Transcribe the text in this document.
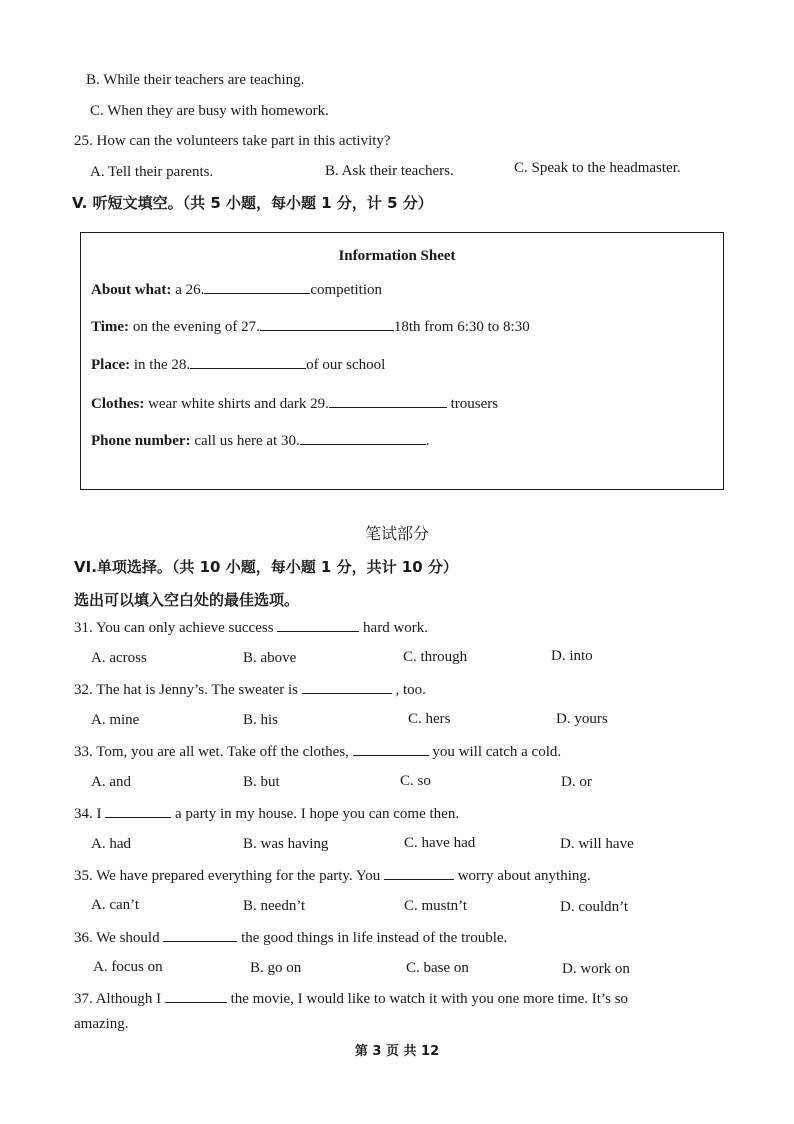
B. While their teachers are teaching.
C. When they are busy with homework.
25. How can the volunteers take part in this activity?
A. Tell their parents.	B. Ask their teachers.	C. Speak to the headmaster.
V. 听短文填空。（共 5 小题，每小题 1 分，计 5 分）
Information Sheet
About what: a 26.	competition
Time: on the evening of 27.	18th from 6:30 to 8:30
Place: in the 28.	of our school
Clothes: wear white shirts and dark 29.	trousers
Phone number: call us here at 30.	.
笔试部分
VI.单项选择。（共 10 小题，每小题 1 分，共计 10 分）
选出可以填入空白处的最佳选项。
31. You can only achieve success	hard work.
A. across	B. above	C. through	D. into
32. The hat is Jenny’s. The sweater is	, too.
A. mine	B. his	C. hers	D. yours
33. Tom, you are all wet. Take off the clothes,	you will catch a cold.
A. and	B. but	C. so	D. or
34. I	a party in my house. I hope you can come then.
A. had	B. was having	C. have had	D. will have
35. We have prepared everything for the party. You	worry about anything.
A. can’t	B. needn’t	C. mustn’t	D. couldn’t
36. We should	the good things in life instead of the trouble.
A. focus on	B. go on	C. base on	D. work on
37. Although I	the movie, I would like to watch it with you one more time. It’s so
amazing.
第 3 页 共 12
